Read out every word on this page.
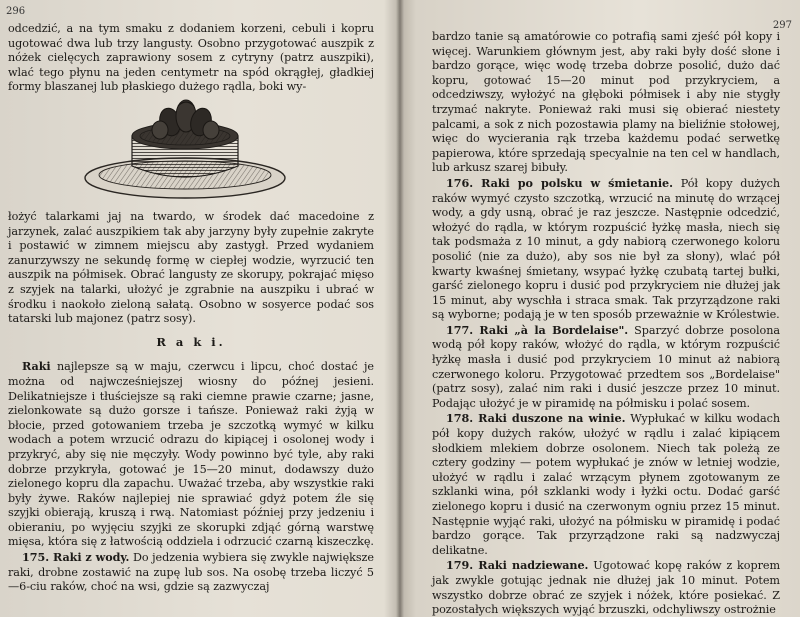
296

odcedzić, a na tym smaku z dodaniem korzeni, cebuli i kopru ugotować dwa lub trzy langusty. Osobno przygotować auszpik z nóżek cielęcych zaprawiony sosem z cytryny (patrz auszpiki), wlać tego płynu na jeden centymetr na spód okrągłej, gładkiej formy blaszanej lub płaskiego dużego rądla, boki wy-

łożyć talarkami jaj na twardo, w środek dać macedoine z jarzynek, zalać auszpikiem tak aby jarzyny były zupełnie zakryte i postawić w zimnem miejscu aby zastygł. Przed wydaniem zanurzywszy ne sekundę formę w ciepłej wodzie, wyrzucić ten auszpik na półmisek. Obrać langusty ze skorupy, pokrajać mięso z szyjek na talarki, ułożyć je zgrabnie na auszpiku i ubrać w środku i naokoło zieloną sałatą. Osobno w sosyerce podać sos tatarski lub majonez (patrz sosy).

R a k i.

Raki najlepsze są w maju, czerwcu i lipcu, choć dostać je można od najwcześniejszej wiosny do późnej jesieni. Delikatniejsze i tłuściejsze są raki ciemne prawie czarne; jasne, zielonkowate są dużo gorsze i tańsze. Ponieważ raki żyją w błocie, przed gotowaniem trzeba je szczotką wymyć w kilku wodach a potem wrzucić odrazu do kipiącej i osolonej wody i przykryć, aby się nie męczyły. Wody powinno być tyle, aby raki dobrze przykryła, gotować je 15—20 minut, dodawszy dużo zielonego kopru dla zapachu. Uważać trzeba, aby wszystkie raki były żywe. Raków najlepiej nie sprawiać gdyż potem źle się szyjki obierają, kruszą i rwą. Natomiast później przy jedzeniu i obieraniu, po wyjęciu szyjki ze skorupki zdjąć górną warstwę mięsa, która się z łatwością oddziela i odrzucić czarną kiszeczkę.

175. Raki z wody. Do jedzenia wybiera się zwykle największe raki, drobne zostawić na zupę lub sos. Na osobę trzeba liczyć 5—6-ciu raków, choć na wsi, gdzie są zazwyczaj

297

bardzo tanie są amatórowie co potrafią sami zjeść pół kopy i więcej. Warunkiem głównym jest, aby raki były dość słone i bardzo gorące, więc wodę trzeba dobrze posolić, dużo dać kopru, gotować 15—20 minut pod przykryciem, a odcedziwszy, wyłożyć na głęboki półmisek i aby nie stygły trzymać nakryte. Ponieważ raki musi się obierać niestety palcami, a sok z nich pozostawia plamy na bieliźnie stołowej, więc do wycierania rąk trzeba każdemu podać serwetkę papierowa, które sprzedają specyalnie na ten cel w handlach, lub arkusz szarej bibuły.

176. Raki po polsku w śmietanie. Pół kopy dużych raków wymyć czysto szczotką, wrzucić na minutę do wrzącej wody, a gdy usną, obrać je raz jeszcze. Następnie odcedzić, włożyć do rądla, w którym rozpuścić łyżkę masła, niech się tak podsmaża z 10 minut, a gdy nabiorą czerwonego koloru posolić (nie za dużo), aby sos nie był za słony), wlać pół kwarty kwaśnej śmietany, wsypać łyżkę czubatą tartej bułki, garść zielonego kopru i dusić pod przykryciem nie dłużej jak 15 minut, aby wyschła i straca smak. Tak przyrządzone raki są wyborne; podają je w ten sposób przeważnie w Królestwie.

177. Raki „à la Bordelaise". Sparzyć dobrze posolona wodą pół kopy raków, włożyć do rądla, w którym rozpuścić łyżkę masła i dusić pod przykryciem 10 minut aż nabiorą czerwonego koloru. Przygotować przedtem sos „Bordelaise" (patrz sosy), zalać nim raki i dusić jeszcze przez 10 minut. Podając ułożyć je w piramidę na półmisku i polać sosem.

178. Raki duszone na winie. Wypłukać w kilku wodach pół kopy dużych raków, ułożyć w rądlu i zalać kipiącem słodkiem mlekiem dobrze osolonem. Niech tak poleżą ze cztery godziny — potem wypłukać je znów w letniej wodzie, ułożyć w rądlu i zalać wrzącym płynem zgotowanym ze szklanki wina, pół szklanki wody i łyżki octu. Dodać garść zielonego kopru i dusić na czerwonym ogniu przez 15 minut. Następnie wyjąć raki, ułożyć na półmisku w piramidę i podać bardzo gorące. Tak przyrządzone raki są nadzwyczaj delikatne.

179. Raki nadziewane. Ugotować kopę raków z koprem jak zwykle gotując jednak nie dłużej jak 10 minut. Potem wszystko dobrze obrać ze szyjek i nóżek, które posiekać. Z pozostałych większych wyjąć brzuszki, odchyliwszy ostrożnie
